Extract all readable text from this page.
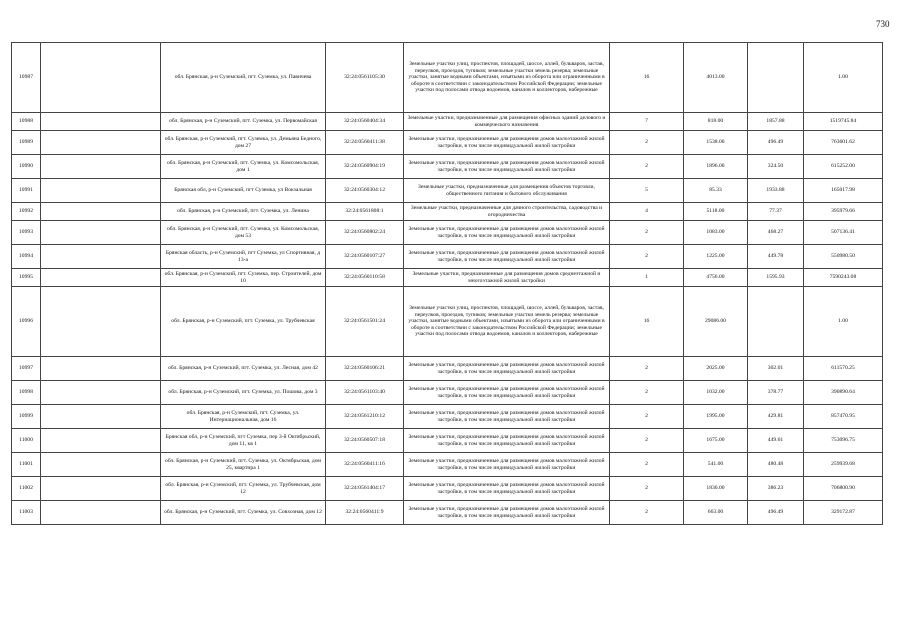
730
10987		обл. Брянская, р-н Суземский, пгт. Суземка, ул. Павичева	32:24:0561105:30	Земельные участки улиц, проспектов, площадей, шоссе, аллей, бульваров, застав, переулков, проездов, тупиков; земельные участки земель резерва; земельные участки, занятые водными объектами, изъятыми из оборота или ограниченными в обороте в соответствии с законодательством Российской Федерации; земельные участки под полосами отвода водоемов, каналов и коллекторов, набережные	16	4013.00		1.00
10988		обл. Брянская, р-н Суземский, пгт. Суземка, ул. Первомайская	32:24:0560404:34	Земельные участки, предназначенные для размещения офисных зданий делового и коммерческого назначения	7	818.00	1857.88	1519745.84
10989		обл. Брянская, р-н Суземский, пгт. Суземка, ул. Демьяна Бедного, дом 27	32:24:0560411:38	Земельные участки, предназначенные для размещения домов малоэтажной жилой застройки, в том числе индивидуальной жилой застройки	2	1538.00	496.49	763601.62
10990		обл. Брянская, р-н Суземский, пгт. Суземка, ул. Комсомольская, дом 1	32:24:0560904:19	Земельные участки, предназначенные для размещения домов малоэтажной жилой застройки, в том числе индивидуальной жилой застройки	2	1896.00	324.50	615252.00
10991		Брянская обл, р-н Суземский, пгт Суземка, ул Вокзальная	32:24:0560304:12	Земельные участки, предназначенные для размещения объектов торговли, общественного питания и бытового обслуживания	5	85.33	1933.88	165017.98
10992		обл. Брянская, р-н Суземский, пгт. Суземка, ул. Ленина	32:24:0561808:1	Земельные участки, предназначенные для дачного строительства, садоводства и огородничества	4	5118.00	77.37	395979.66
10993		обл. Брянская, р-н Суземский, пгт. Суземка, ул. Комсомольская, дом 53	32:24:0560802:24	Земельные участки, предназначенные для размещения домов малоэтажной жилой застройки, в том числе индивидуальной жилой застройки	2	1083.00	468.27	507136.41
10994		Брянская область, р-н Суземский, пгт Суземка, ул Спортивная, д 13-а	32:24:0560107:27	Земельные участки, предназначенные для размещения домов малоэтажной жилой застройки, в том числе индивидуальной жилой застройки	2	1225.00	449.78	550980.50
10995		обл. Брянская, р-н Суземский, пгт. Суземка, пер. Строителей, дом 10	32:24:0560110:58	Земельные участки, предназначенные для размещения домов среднеэтажной и многоэтажной жилой застройки	1	4756.00	1595.93	7590243.08
10996		обл. Брянская, р-н Суземский, пгт. Суземка, ул. Трубчевская	32:24:0561501:24	Земельные участки улиц, проспектов, площадей, шоссе, аллей, бульваров, застав, переулков, проездов, тупиков; земельные участки земель резерва; земельные участки, занятые водными объектами, изъятыми из оборота или ограниченными в обороте в соответствии с законодательством Российской Федерации; земельные участки под полосами отвода водоемов, каналов и коллекторов, набережные	16	29086.00		1.00
10997		обл. Брянская, р-н Суземский, пгт. Суземка, ул. Лесная, дом 42	32:24:0560106:21	Земельные участки, предназначенные для размещения домов малоэтажной жилой застройки, в том числе индивидуальной жилой застройки	2	2025.00	302.01	611570.25
10998		обл. Брянская, р-н Суземский, пгт. Суземка, ул. Пошова, дом 3	32:24:0561103:40	Земельные участки, предназначенные для размещения домов малоэтажной жилой застройки, в том числе индивидуальной жилой застройки	2	1032.00	378.77	390890.64
10999		обл. Брянская, р-н Суземский, пгт. Суземка, ул. Интернациональная, дом 16	32:24:0561210:12	Земельные участки, предназначенные для размещения домов малоэтажной жилой застройки, в том числе индивидуальной жилой застройки	2	1995.00	429.81	857470.95
11000		Брянская обл, р-н Суземский, пгт Суземка, пер 3-й Октябрьский, дом 11, кв 1	32:24:0560507:18	Земельные участки, предназначенные для размещения домов малоэтажной жилой застройки, в том числе индивидуальной жилой застройки	2	1675.00	449.61	753096.75
11001		обл. Брянская, р-н Суземский, пгт. Суземка, ул. Октябрьская, дом 25, квартира 1	32:24:0560411:16	Земельные участки, предназначенные для размещения домов малоэтажной жилой застройки, в том числе индивидуальной жилой застройки	2	541.00	480.48	259939.68
11002		обл. Брянская, р-н Суземский, пгт. Суземка, ул. Трубчевская, дом 12	32:24:0561404:17	Земельные участки, предназначенные для размещения домов малоэтажной жилой застройки, в том числе индивидуальной жилой застройки	2	1830.00	386.23	706800.90
11003		обл. Брянская, р-н Суземский, пгт. Суземка, ул. Совхозная, дом 12	32:24:0560411:9	Земельные участки, предназначенные для размещения домов малоэтажной жилой застройки, в том числе индивидуальной жилой застройки	2	663.00	496.49	329172.87
